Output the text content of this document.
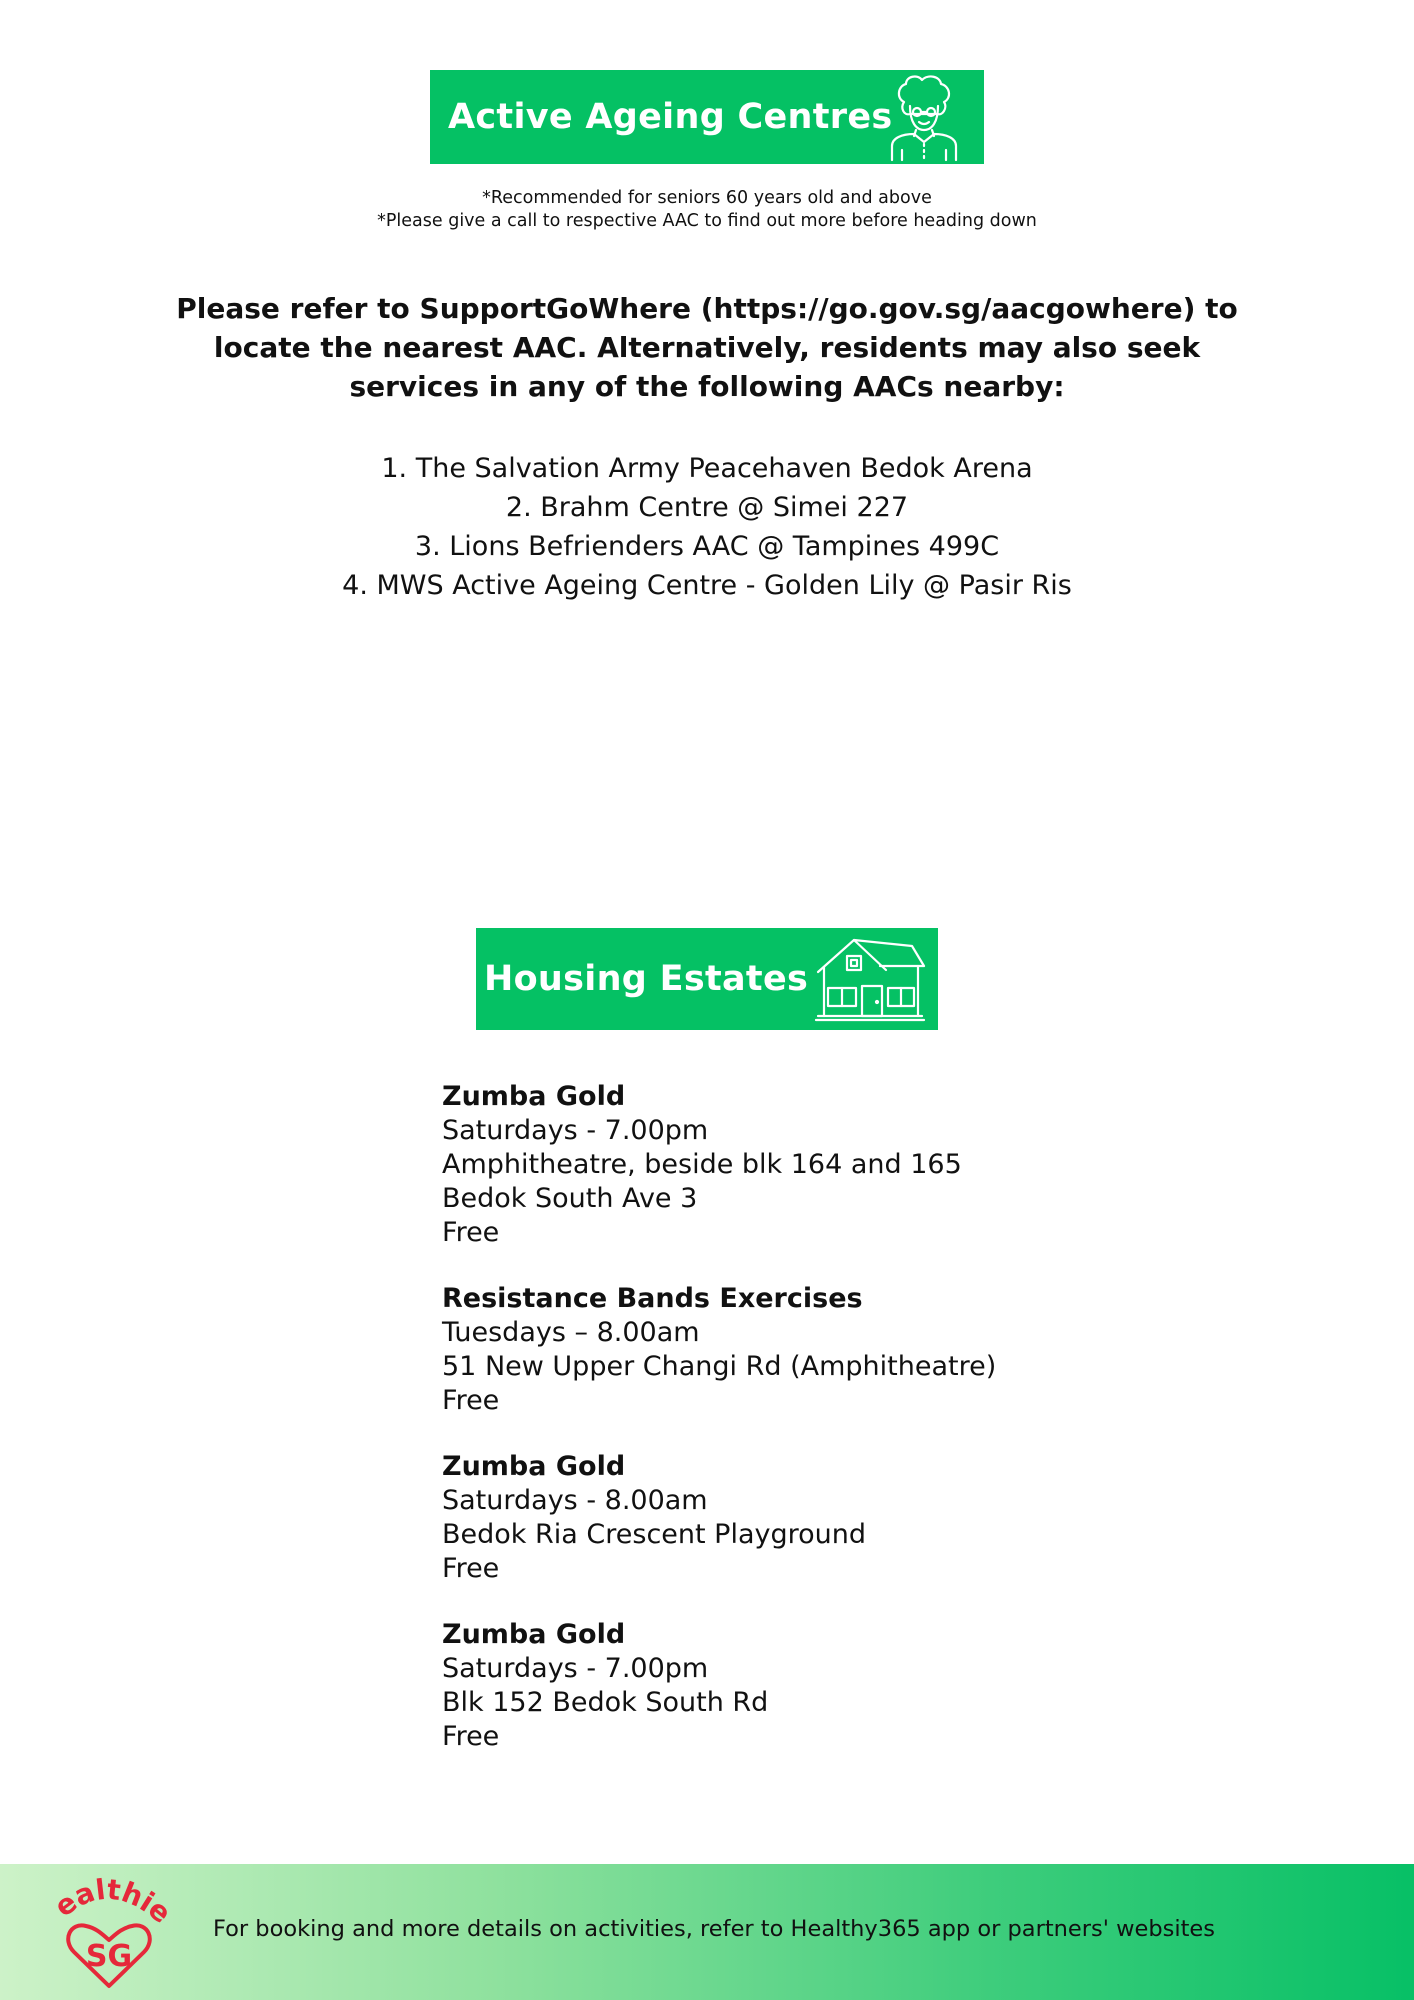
Active Ageing Centres
*Recommended for seniors 60 years old and above
*Please give a call to respective AAC to find out more before heading down
Please refer to SupportGoWhere (https://go.gov.sg/aacgowhere) to locate the nearest AAC. Alternatively, residents may also seek services in any of the following AACs nearby:
1. The Salvation Army Peacehaven Bedok Arena
2. Brahm Centre @ Simei 227
3. Lions Befrienders AAC @ Tampines 499C
4. MWS Active Ageing Centre - Golden Lily @ Pasir Ris
Housing Estates
Zumba Gold
Saturdays - 7.00pm
Amphitheatre, beside blk 164 and 165
Bedok South Ave 3
Free
Resistance Bands Exercises
Tuesdays – 8.00am
51 New Upper Changi Rd (Amphitheatre)
Free
Zumba Gold
Saturdays - 8.00am
Bedok Ria Crescent Playground
Free
Zumba Gold
Saturdays - 7.00pm
Blk 152 Bedok South Rd
Free
ealthie
SG
For booking and more details on activities, refer to Healthy365 app or partners' websites
